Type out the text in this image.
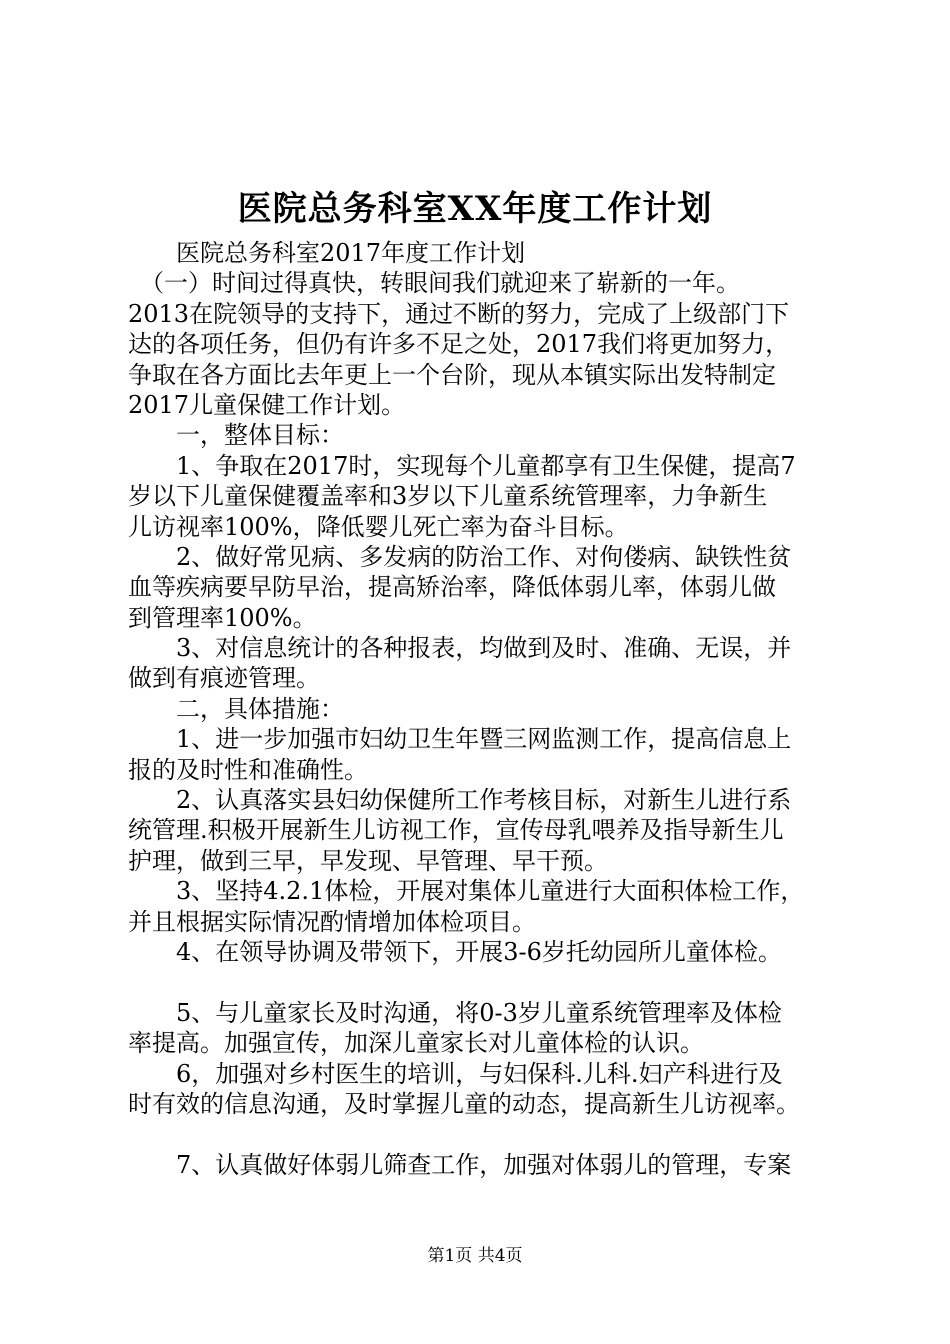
医院总务科室XX年度工作计划
　　医院总务科室2017年度工作计划
　（一）时间过得真快，转眼间我们就迎来了崭新的一年。
2013在院领导的支持下，通过不断的努力，完成了上级部门下
达的各项任务，但仍有许多不足之处，2017我们将更加努力，
争取在各方面比去年更上一个台阶，现从本镇实际出发特制定
2017儿童保健工作计划。
　　一，整体目标：
　　1、争取在2017时，实现每个儿童都享有卫生保健，提高7
岁以下儿童保健覆盖率和3岁以下儿童系统管理率，力争新生
儿访视率100%，降低婴儿死亡率为奋斗目标。
　　2、做好常见病、多发病的防治工作、对佝偻病、缺铁性贫
血等疾病要早防早治，提高矫治率，降低体弱儿率，体弱儿做
到管理率100%。
　　3、对信息统计的各种报表，均做到及时、准确、无误，并
做到有痕迹管理。
　　二，具体措施：
　　1、进一步加强市妇幼卫生年暨三网监测工作，提高信息上
报的及时性和准确性。
　　2、认真落实县妇幼保健所工作考核目标，对新生儿进行系
统管理.积极开展新生儿访视工作，宣传母乳喂养及指导新生儿
护理，做到三早，早发现、早管理、早干预。
　　3、坚持4.2.1体检，开展对集体儿童进行大面积体检工作，
并且根据实际情况酌情增加体检项目。
　　4、在领导协调及带领下，开展3-6岁托幼园所儿童体检。
　　5、与儿童家长及时沟通，将0-3岁儿童系统管理率及体检
率提高。加强宣传，加深儿童家长对儿童体检的认识。
　　6，加强对乡村医生的培训，与妇保科.儿科.妇产科进行及
时有效的信息沟通，及时掌握儿童的动态，提高新生儿访视率。
　　7、认真做好体弱儿筛查工作，加强对体弱儿的管理，专案
第1页 共4页
